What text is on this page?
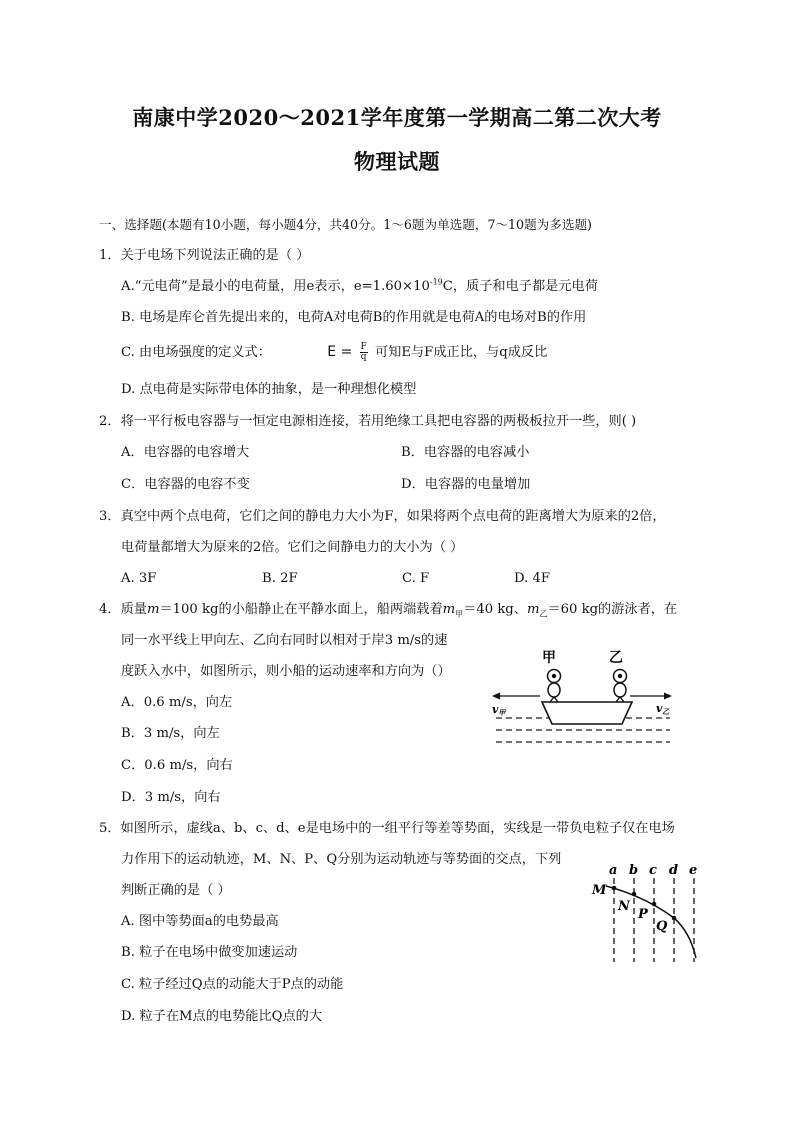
南康中学2020～2021学年度第一学期高二第二次大考
物理试题
一、选择题(本题有10小题，每小题4分，共40分。1～6题为单选题，7～10题为多选题)
1．关于电场下列说法正确的是（ ）
A.“元电荷”是最小的电荷量，用e表示，$e=1.60\times 10^{-19}C$，质子和电子都是元电荷
B. 电场是库仑首先提出来的，电荷A对电荷B的作用就是电荷A的电场对B的作用
C. 由电场强度的定义式：	$E = \frac{F}{q}$ 可知E与F成正比，与q成反比
D. 点电荷是实际带电体的抽象，是一种理想化模型
2．将一平行板电容器与一恒定电源相连接，若用绝缘工具把电容器的两极板拉开一些，则( )
A．电容器的电容增大	B．电容器的电容减小
C．电容器的电容不变	D．电容器的电量增加
3．真空中两个点电荷，它们之间的静电力大小为F，如果将两个点电荷的距离增大为原来的2倍，
电荷量都增大为原来的2倍。它们之间静电力的大小为（ ）
A. 3F	B. 2F	C. F	D. 4F
4．质量m＝100 kg的小船静止在平静水面上，船两端载着$m_甲=40$ kg、$m_乙=60$ kg的游泳者，在
同一水平线上甲向左、乙向右同时以相对于岸3 m/s的速
度跃入水中，如图所示，则小船的运动速率和方向为（）
A．0.6 m/s，向左
B．3 m/s，向左
C．0.6 m/s，向右
D．3 m/s，向右
甲	乙
v甲	v乙
5．如图所示，虚线a、b、c、d、e是电场中的一组平行等差等势面，实线是一带负电粒子仅在电场
力作用下的运动轨迹，M、N、P、Q分别为运动轨迹与等势面的交点，下列
判断正确的是（ ）
A. 图中等势面a的电势最高
B. 粒子在电场中做变加速运动
C. 粒子经过Q点的动能大于P点的动能
D. 粒子在M点的电势能比Q点的大
a b c d e
M
N
P
Q
